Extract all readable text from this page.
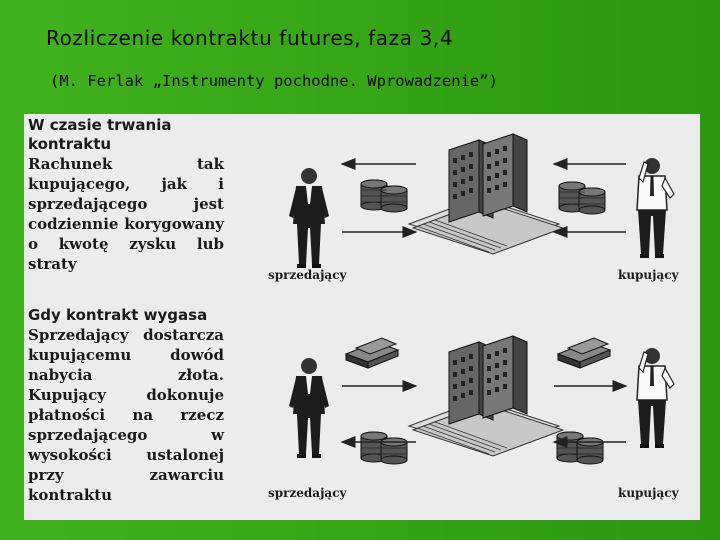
Rozliczenie kontraktu futures, faza 3,4
(M. Ferlak „Instrumenty pochodne. Wprowadzenie”)
W czasie trwania kontraktu
Rachunek tak kupującego, jak i sprzedającego jest codziennie korygowany o kwotę zysku lub straty
Gdy kontrakt wygasa
Sprzedający dostarcza kupującemu dowód nabycia złota. Kupujący dokonuje płatności na rzecz sprzedającego w wysokości ustalonej przy zawarciu kontraktu
sprzedający	kupujący
sprzedający	kupujący
